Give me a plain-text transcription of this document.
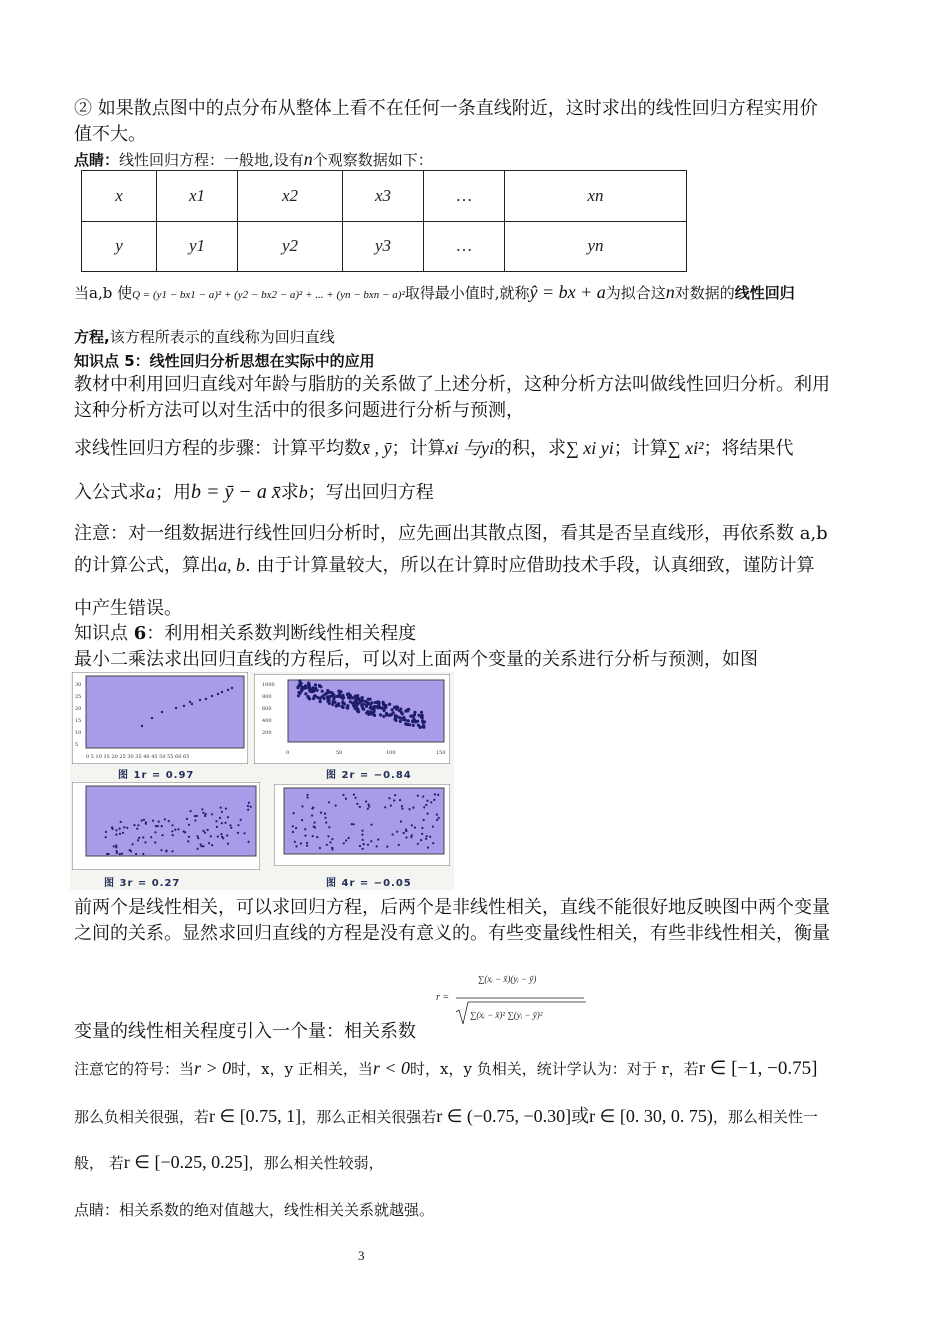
② 如果散点图中的点分布从整体上看不在任何一条直线附近，这时求出的线性回归方程实用价
值不大。
点睛：线性回归方程：一般地,设有n个观察数据如下：
x	x1	x2	x3	…	xn
y	y1	y2	y3	…	yn
当a,b 使Q = (y1 − bx1 − a)² + (y2 − bx2 − a)² + ... + (yn − bxn − a)²取得最小值时,就称ŷ = bx + a为拟合这n对数据的线性回归
方程,该方程所表示的直线称为回归直线
知识点 5：线性回归分析思想在实际中的应用
教材中利用回归直线对年龄与脂肪的关系做了上述分析，这种分析方法叫做线性回归分析。利用
这种分析方法可以对生活中的很多问题进行分析与预测，
求线性回归方程的步骤：计算平均数x̄ , ȳ；计算xi 与yi的积，求∑ xi yi；计算∑ xi²；将结果代
入公式求a；用b = ȳ − a x̄求b；写出回归方程
注意：对一组数据进行线性回归分析时，应先画出其散点图，看其是否呈直线形，再依系数 a,b
的计算公式，算出a, b. 由于计算量较大，所以在计算时应借助技术手段，认真细致，谨防计算
中产生错误。
知识点 6：利用相关系数判断线性相关程度
最小二乘法求出回归直线的方程后，可以对上面两个变量的关系进行分析与预测，如图
30
25
20
15
10
5
0 5 10 15 20 25 30 35 40 45 50 55 60 65
1000
800
600
400
200
0	50	100	150
图 1r = 0.97	图 2r = −0.84
图 3r = 0.27	图 4r = −0.05
前两个是线性相关，可以求回归方程，后两个是非线性相关，直线不能很好地反映图中两个变量
之间的关系。显然求回归直线的方程是没有意义的。有些变量线性相关，有些非线性相关，衡量
变量的线性相关程度引入一个量：相关系数
r =
∑(xᵢ − x̄)(yᵢ − ȳ)
∑(xᵢ − x̄)² ∑(yᵢ − ȳ)²
注意它的符号：当r > 0时，x，y 正相关，当r < 0时，x，y 负相关，统计学认为：对于 r，若r ∈ [−1, −0.75]
那么负相关很强，若r ∈ [0.75, 1]，那么正相关很强若r ∈ (−0.75, −0.30]或r ∈ [0. 30, 0. 75)，那么相关性一
般， 若r ∈ [−0.25, 0.25]，那么相关性较弱，
点睛：相关系数的绝对值越大，线性相关关系就越强。
3
